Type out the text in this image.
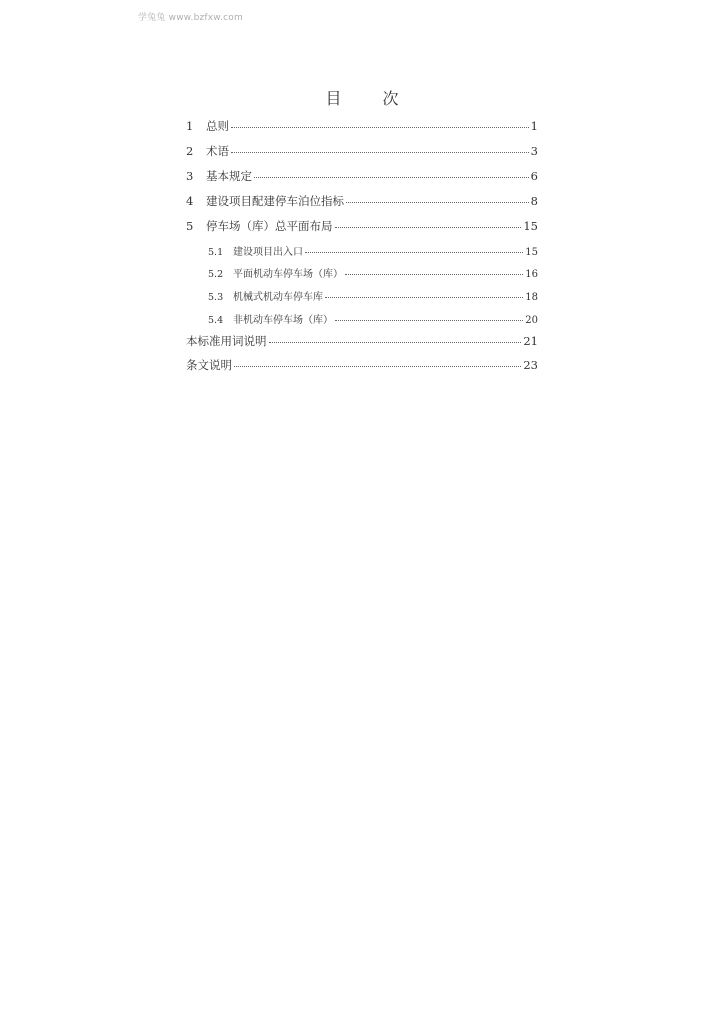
学兔兔 www.bzfxw.com
目 次
1	总则	1
2	术语	3
3	基本规定	6
4	建设项目配建停车泊位指标	8
5	停车场（库）总平面布局	15
5.1 建设项目出入口	15
5.2 平面机动车停车场（库）	16
5.3 机械式机动车停车库	18
5.4 非机动车停车场（库）	20
本标准用词说明	21
条文说明	23
